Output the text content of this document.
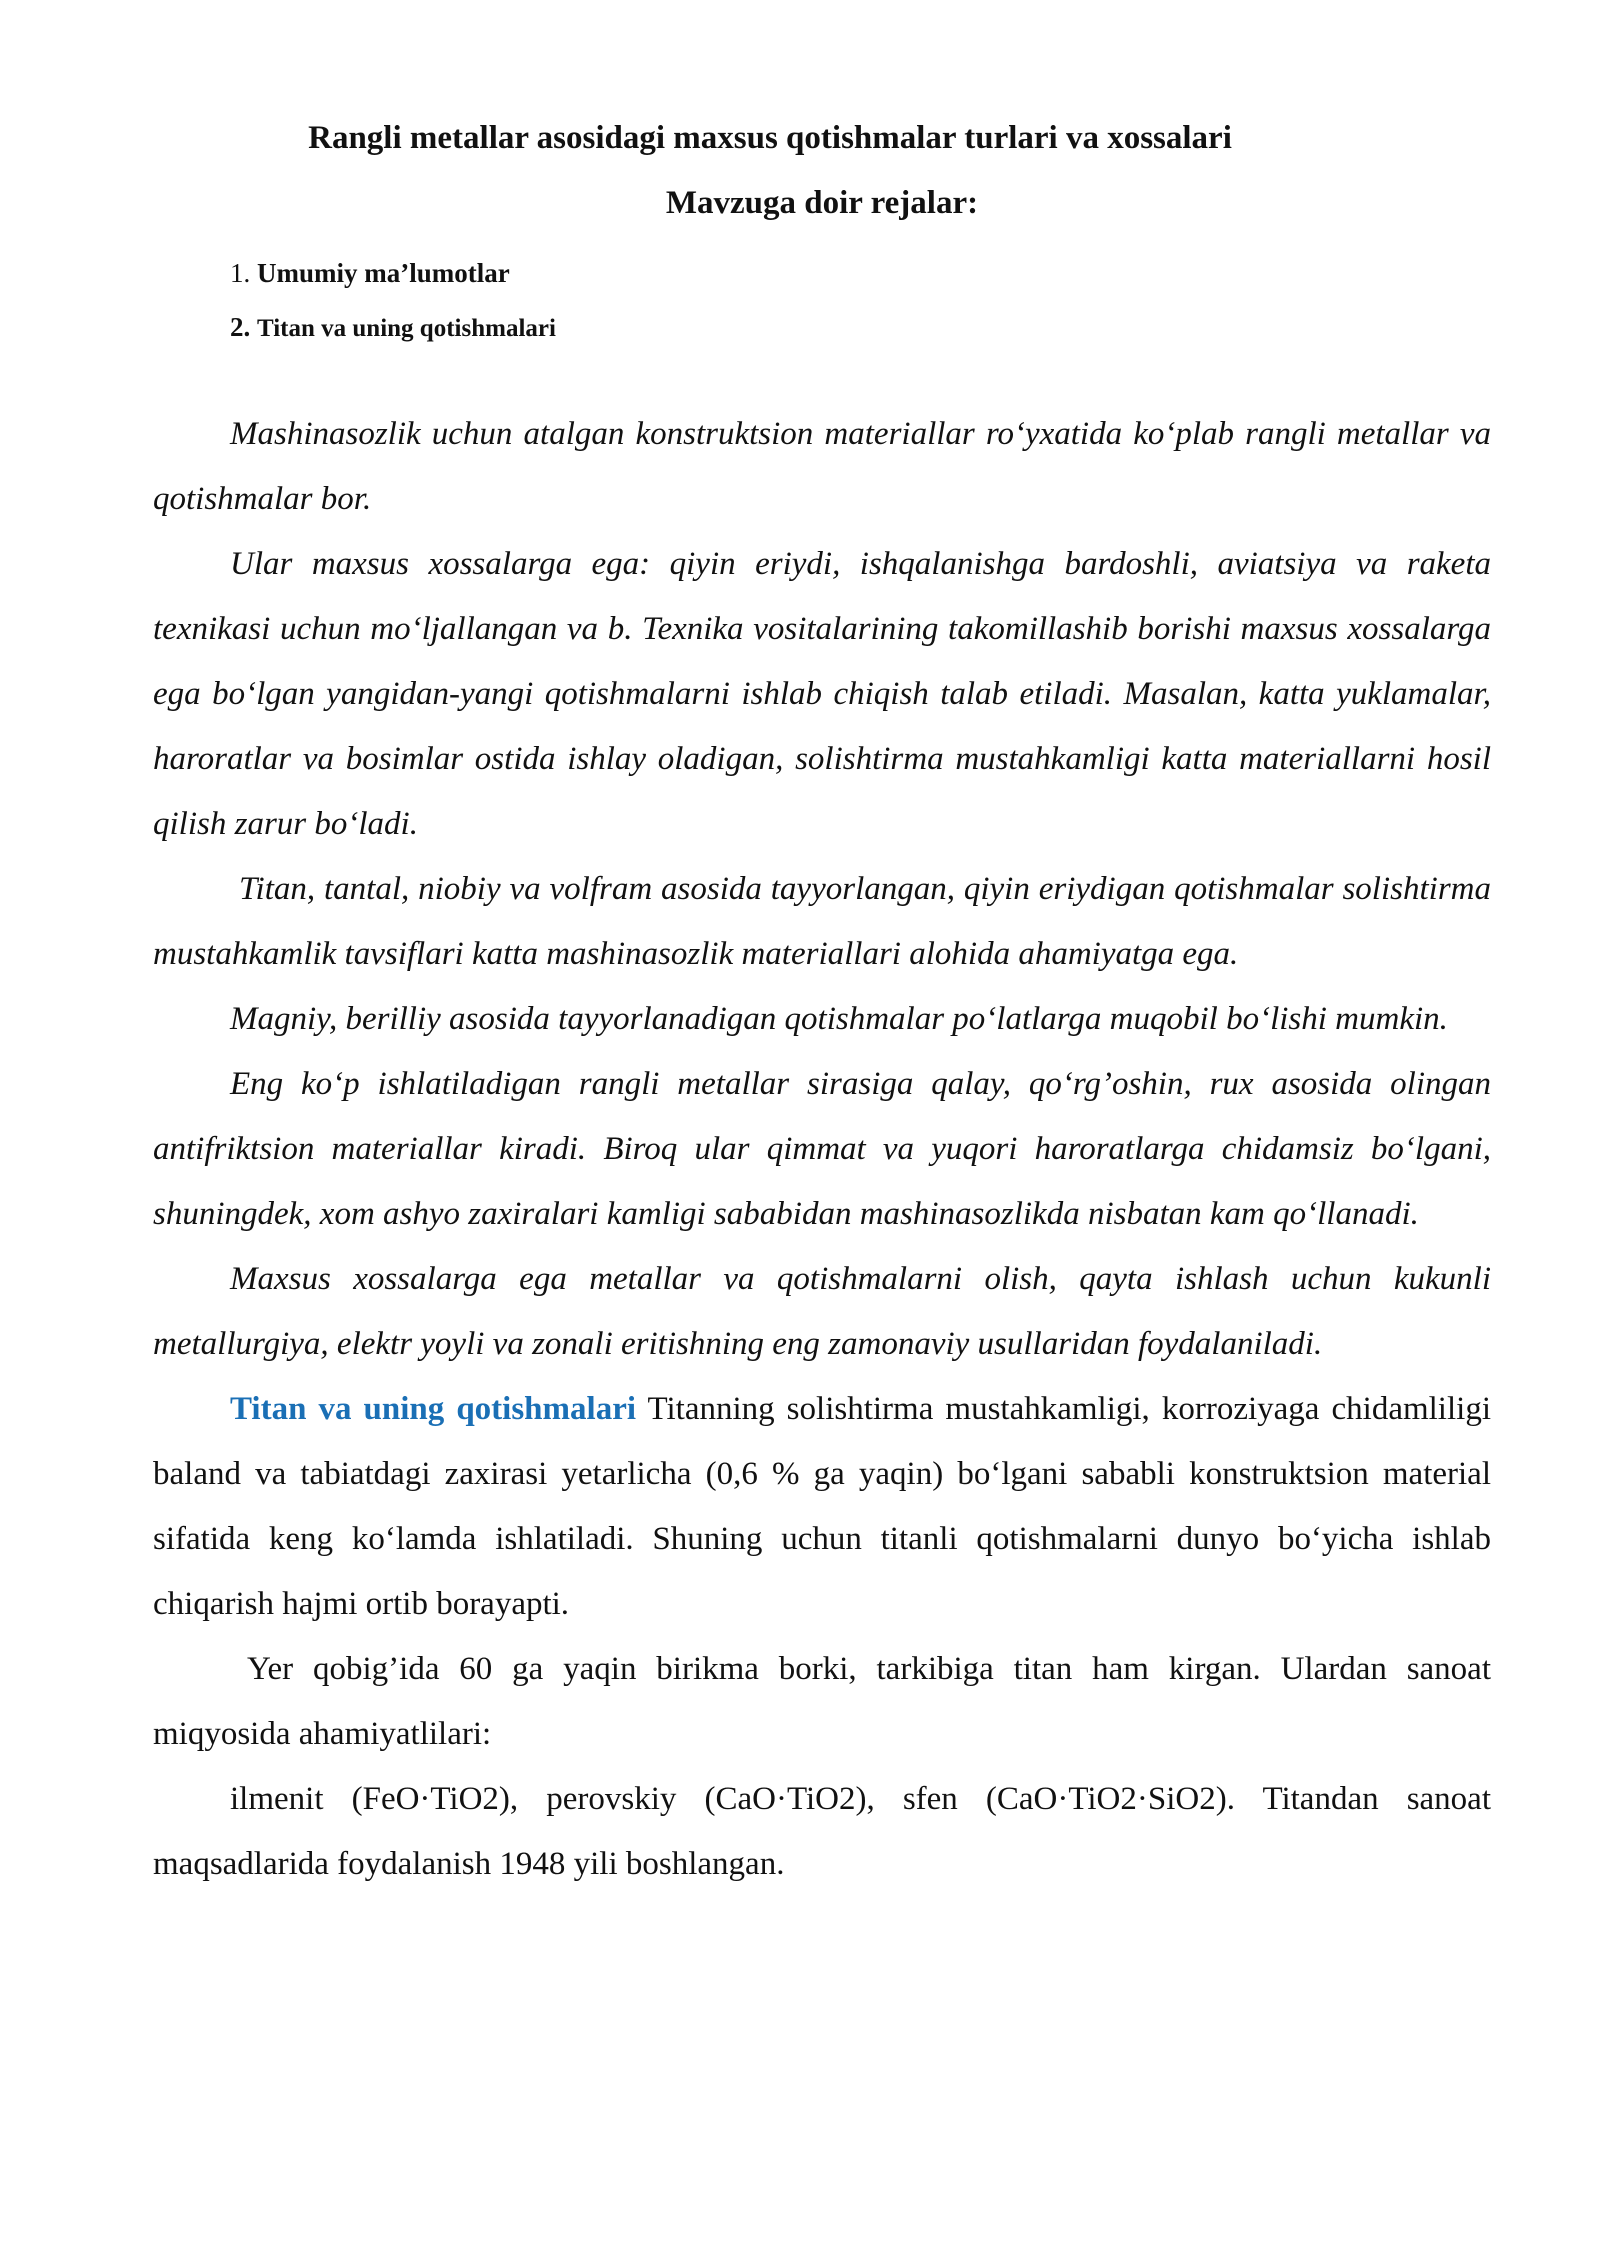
Rangli metallar asosidagi maxsus qotishmalar turlari va xossalari
Mavzuga doir rejalar:
1. Umumiy ma’lumotlar
2. Titan va uning qotishmalari

Mashinasozlik uchun atalgan konstruktsion materiallar ro‘yxatida ko‘plab rangli metallar va qotishmalar bor.

Ular maxsus xossalarga ega: qiyin eriydi, ishqalanishga bardoshli, aviatsiya va raketa texnikasi uchun mo‘ljallangan va b. Texnika vositalarining takomillashib borishi maxsus xossalarga ega bo‘lgan yangidan-yangi qotishmalarni ishlab chiqish talab etiladi. Masalan, katta yuklamalar, haroratlar va bosimlar ostida ishlay oladigan, solishtirma mustahkamligi katta materiallarni hosil qilish zarur bo‘ladi.

Titan, tantal, niobiy va volfram asosida tayyorlangan, qiyin eriydigan qotishmalar solishtirma mustahkamlik tavsiflari katta mashinasozlik materiallari alohida ahamiyatga ega.

Magniy, berilliy asosida tayyorlanadigan qotishmalar po‘latlarga muqobil bo‘lishi mumkin.

Eng ko‘p ishlatiladigan rangli metallar sirasiga qalay, qo‘rg’oshin, rux asosida olingan antifriktsion materiallar kiradi. Biroq ular qimmat va yuqori haroratlarga chidamsiz bo‘lgani, shuningdek, xom ashyo zaxiralari kamligi sababidan mashinasozlikda nisbatan kam qo‘llanadi.

Maxsus xossalarga ega metallar va qotishmalarni olish, qayta ishlash uchun kukunli metallurgiya, elektr yoyli va zonali eritishning eng zamonaviy usullaridan foydalaniladi.

Titan va uning qotishmalari Titanning solishtirma mustahkamligi, korroziyaga chidamliligi baland va tabiatdagi zaxirasi yetarlicha (0,6 % ga yaqin) bo‘lgani sababli konstruktsion material sifatida keng ko‘lamda ishlatiladi. Shuning uchun titanli qotishmalarni dunyo bo‘yicha ishlab chiqarish hajmi ortib borayapti.

Yer qobig’ida 60 ga yaqin birikma borki, tarkibiga titan ham kirgan. Ulardan sanoat miqyosida ahamiyatlilari:

ilmenit (FeO·TiO2), perovskiy (CaO·TiO2), sfen (CaO·TiO2·SiO2). Titandan sanoat maqsadlarida foydalanish 1948 yili boshlangan.
